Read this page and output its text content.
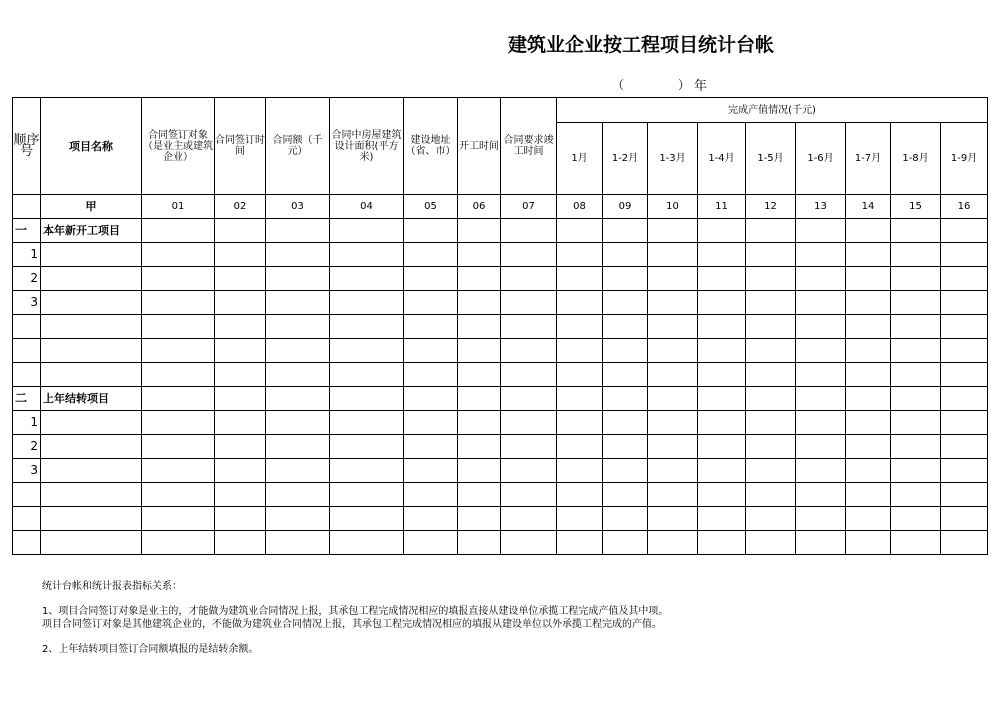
建筑业企业按工程项目统计台帐
（	） 年
顺序号	项目名称	合同签订对象（是业主或建筑企业）	合同签订时间	合同额（千元）	合同中房屋建筑设计面积(平方米)	建设地址（省、市）	开工时间	合同要求竣工时间	完成产值情况(千元)								
									1月	1-2月	1-3月	1-4月	1-5月	1-6月	1-7月	1-8月	1-9月
	甲	01	02	03	04	05	06	07	08	09	10	11	12	13	14	15	16
一	本年新开工项目																
1																	
2																	
3																	

二	上年结转项目																
1																	
2																	
3																	

统计台帐和统计报表指标关系：

1、项目合同签订对象是业主的，才能做为建筑业合同情况上报，其承包工程完成情况相应的填报直接从建设单位承揽工程完成产值及其中项。

项目合同签订对象是其他建筑企业的，不能做为建筑业合同情况上报，其承包工程完成情况相应的填报从建设单位以外承揽工程完成的产值。

2、上年结转项目签订合同额填报的是结转余额。
